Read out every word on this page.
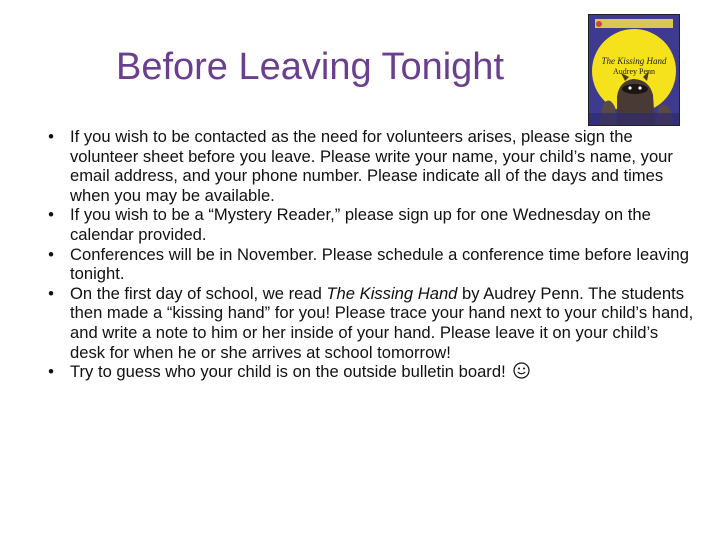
Before Leaving Tonight	The Kissing Hand
Audrey Penn
• If you wish to be contacted as the need for volunteers arises, please sign the volunteer sheet before you leave. Please write your name, your child’s name, your email address, and your phone number. Please indicate all of the days and times when you may be available.
• If you wish to be a “Mystery Reader,” please sign up for one Wednesday on the calendar provided.
• Conferences will be in November. Please schedule a conference time before leaving tonight.
• On the first day of school, we read The Kissing Hand by Audrey Penn. The students then made a “kissing hand” for you! Please trace your hand next to your child’s hand, and write a note to him or her inside of your hand. Please leave it on your child’s desk for when he or she arrives at school tomorrow!
• Try to guess who your child is on the outside bulletin board!
